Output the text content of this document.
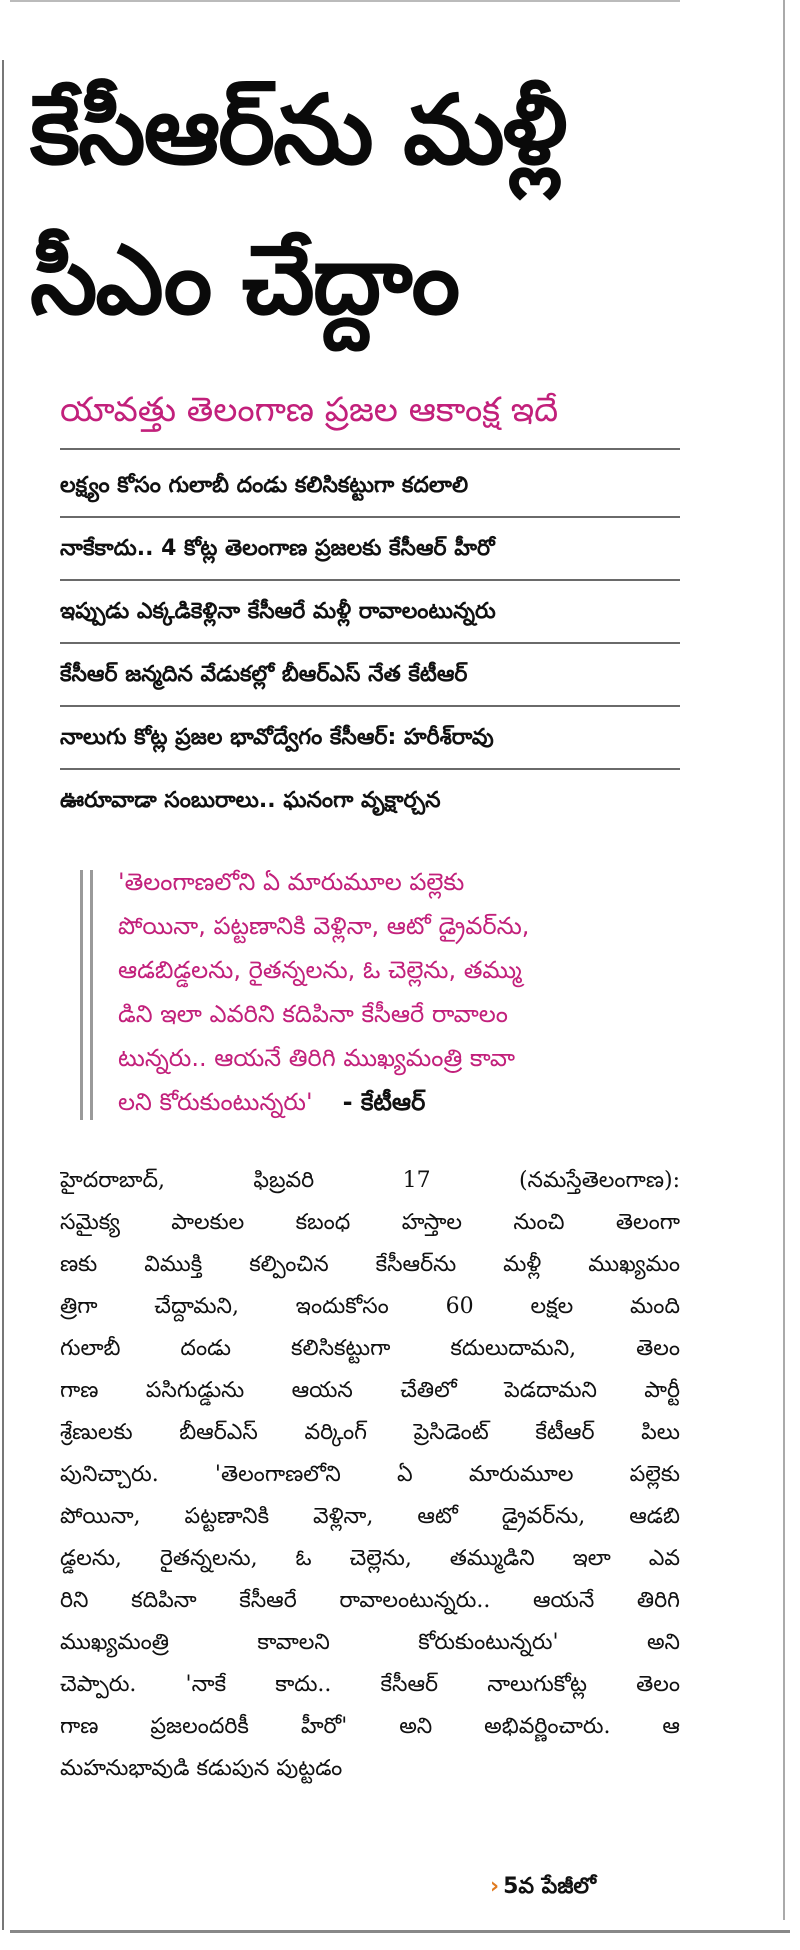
కేసీఆర్‌ను మళ్లీ
సీఎం చేద్దాం
యావత్తు తెలంగాణ ప్రజల ఆకాంక్ష ఇదే
లక్ష్యం కోసం గులాబీ దండు కలిసికట్టుగా కదలాలి
నాకేకాదు.. 4 కోట్ల తెలంగాణ ప్రజలకు కేసీఆర్ హీరో
ఇప్పుడు ఎక్కడికెళ్లినా కేసీఆరే మళ్లీ రావాలంటున్నరు
కేసీఆర్ జన్మదిన వేడుకల్లో బీఆర్‌ఎస్ నేత కేటీఆర్
నాలుగు కోట్ల ప్రజల భావోద్వేగం కేసీఆర్: హరీశ్‌రావు
ఊరూవాడా సంబురాలు.. ఘనంగా వృక్షార్చన
'తెలంగాణలోని ఏ మారుమూల పల్లెకు
పోయినా, పట్టణానికి వెళ్లినా, ఆటో డ్రైవర్‌ను,
ఆడబిడ్డలను, రైతన్నలను, ఓ చెల్లెను, తమ్ము
డిని ఇలా ఎవరిని కదిపినా కేసీఆరే రావాలం
టున్నరు.. ఆయనే తిరిగి ముఖ్యమంత్రి కావా
లని కోరుకుంటున్నరు' - కేటీఆర్
హైదరాబాద్, ఫిబ్రవరి 17 (నమస్తేతెలంగాణ):
సమైక్య పాలకుల కబంధ హస్తాల నుంచి తెలంగా
ణకు విముక్తి కల్పించిన కేసీఆర్‌ను మళ్లీ ముఖ్యమం
త్రిగా చేద్దామని, ఇందుకోసం 60 లక్షల మంది
గులాబీ దండు కలిసికట్టుగా కదులుదామని, తెలం
గాణ పసిగుడ్డును ఆయన చేతిలో పెడదామని పార్టీ
శ్రేణులకు బీఆర్‌ఎస్ వర్కింగ్ ప్రెసిడెంట్ కేటీఆర్ పిలు
పునిచ్చారు. 'తెలంగాణలోని ఏ మారుమూల పల్లెకు
పోయినా, పట్టణానికి వెళ్లినా, ఆటో డ్రైవర్‌ను, ఆడబి
డ్డలను, రైతన్నలను, ఓ చెల్లెను, తమ్ముడిని ఇలా ఎవ
రిని కదిపినా కేసీఆరే రావాలంటున్నరు.. ఆయనే తిరిగి
ముఖ్యమంత్రి కావాలని కోరుకుంటున్నరు' అని
చెప్పారు. 'నాకే కాదు.. కేసీఆర్ నాలుగుకోట్ల తెలం
గాణ ప్రజలందరికీ హీరో' అని అభివర్ణించారు. ఆ
మహనుభావుడి కడుపున పుట్టడం
› 5వ పేజీలో
